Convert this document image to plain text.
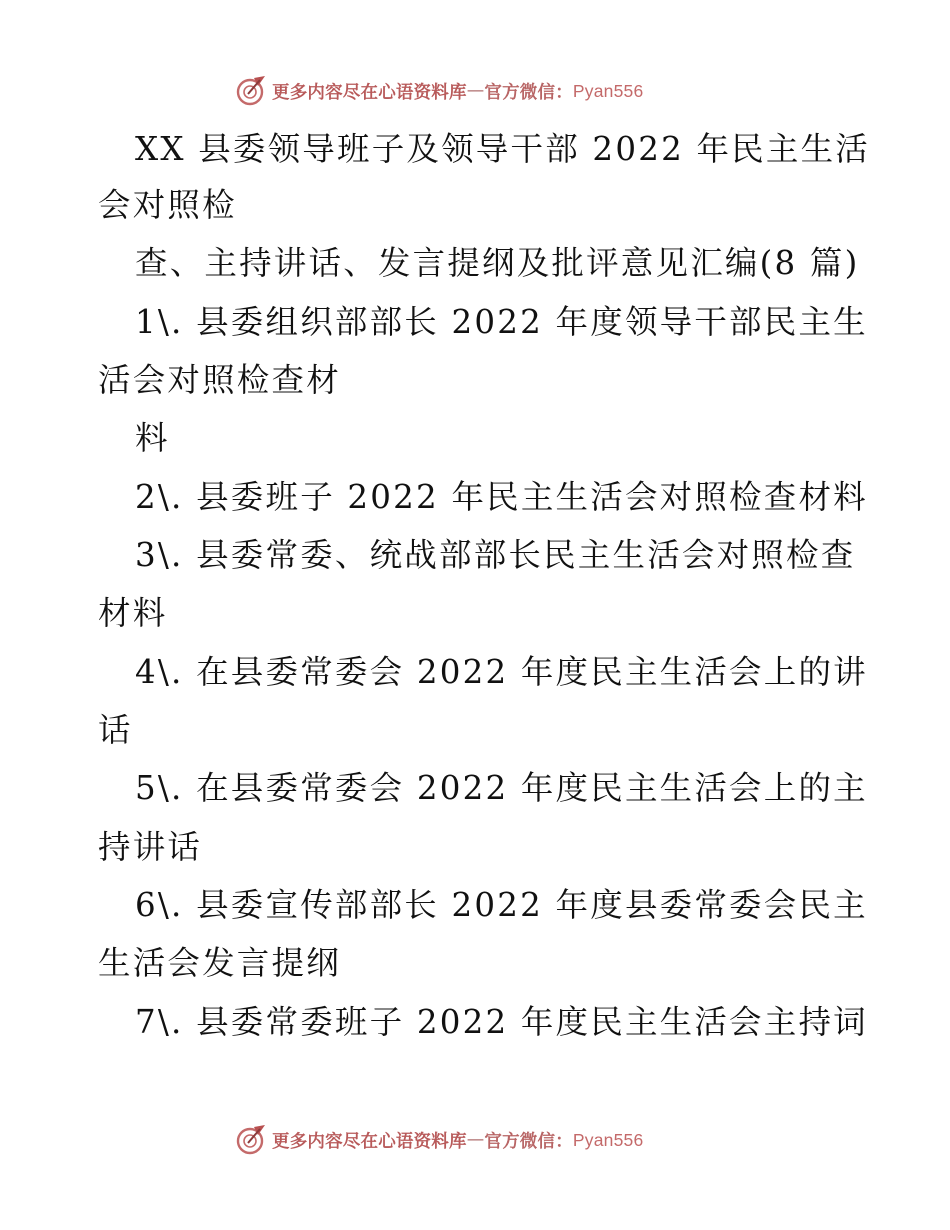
更多内容尽在心语资料库 — 官方微信： Pyan556
XX 县委领导班子及领导干部 2022 年民主生活
会对照检
查、主持讲话、发言提纲及批评意见汇编(8 篇)
1\. 县委组织部部长 2022 年度领导干部民主生
活会对照检查材
料
2\. 县委班子 2022 年民主生活会对照检查材料
3\. 县委常委、统战部部长民主生活会对照检查
材料
4\. 在县委常委会 2022 年度民主生活会上的讲
话
5\. 在县委常委会 2022 年度民主生活会上的主
持讲话
6\. 县委宣传部部长 2022 年度县委常委会民主
生活会发言提纲
7\. 县委常委班子 2022 年度民主生活会主持词
更多内容尽在心语资料库 — 官方微信： Pyan556
